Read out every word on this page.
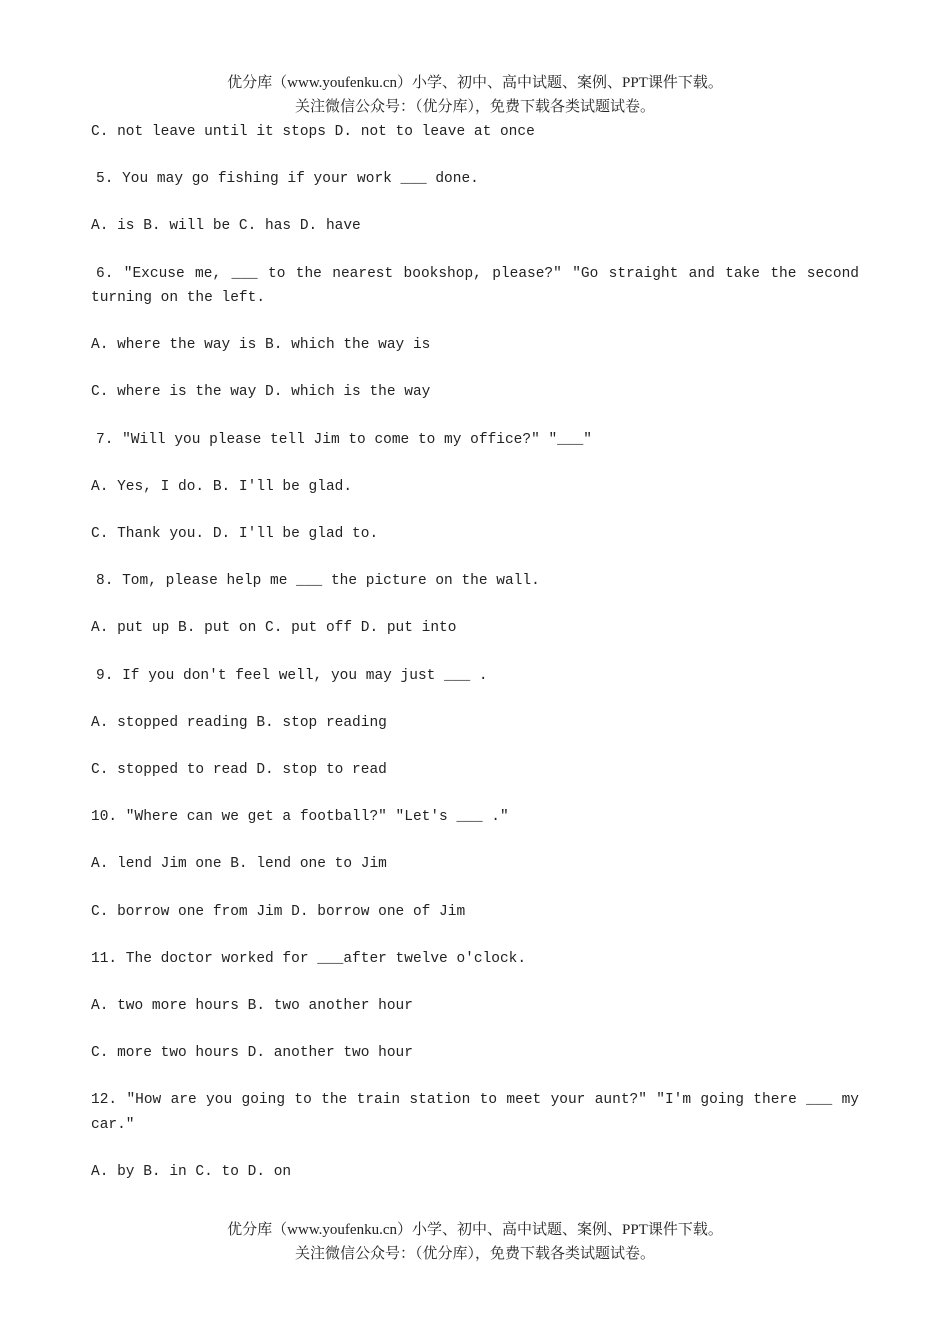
优分库（www.youfenku.cn）小学、初中、高中试题、案例、PPT课件下载。
关注微信公众号：（优分库），免费下载各类试题试卷。
C. not leave until it stops D. not to leave at once
5. You may go fishing if your work ___ done.
A. is B. will be C. has D. have
6. "Excuse me, ___ to the nearest bookshop, please?" "Go straight and take the second turning on the left.
A. where the way is B. which the way is
C. where is the way D. which is the way
7. "Will you please tell Jim to come to my office?" "___"
A. Yes, I do. B. I'll be glad.
C. Thank you. D. I'll be glad to.
8. Tom, please help me ___ the picture on the wall.
A. put up B. put on C. put off D. put into
9. If you don't feel well, you may just ___ .
A. stopped reading B. stop reading
C. stopped to read D. stop to read
10. "Where can we get a football?" "Let's ___ ."
A. lend Jim one B. lend one to Jim
C. borrow one from Jim D. borrow one of Jim
11. The doctor worked for ___after twelve o'clock.
A. two more hours B. two another hour
C. more two hours D. another two hour
12. "How are you going to the train station to meet your aunt?" "I'm going there ___ my car."
A. by B. in C. to D. on
优分库（www.youfenku.cn）小学、初中、高中试题、案例、PPT课件下载。
关注微信公众号：（优分库），免费下载各类试题试卷。
